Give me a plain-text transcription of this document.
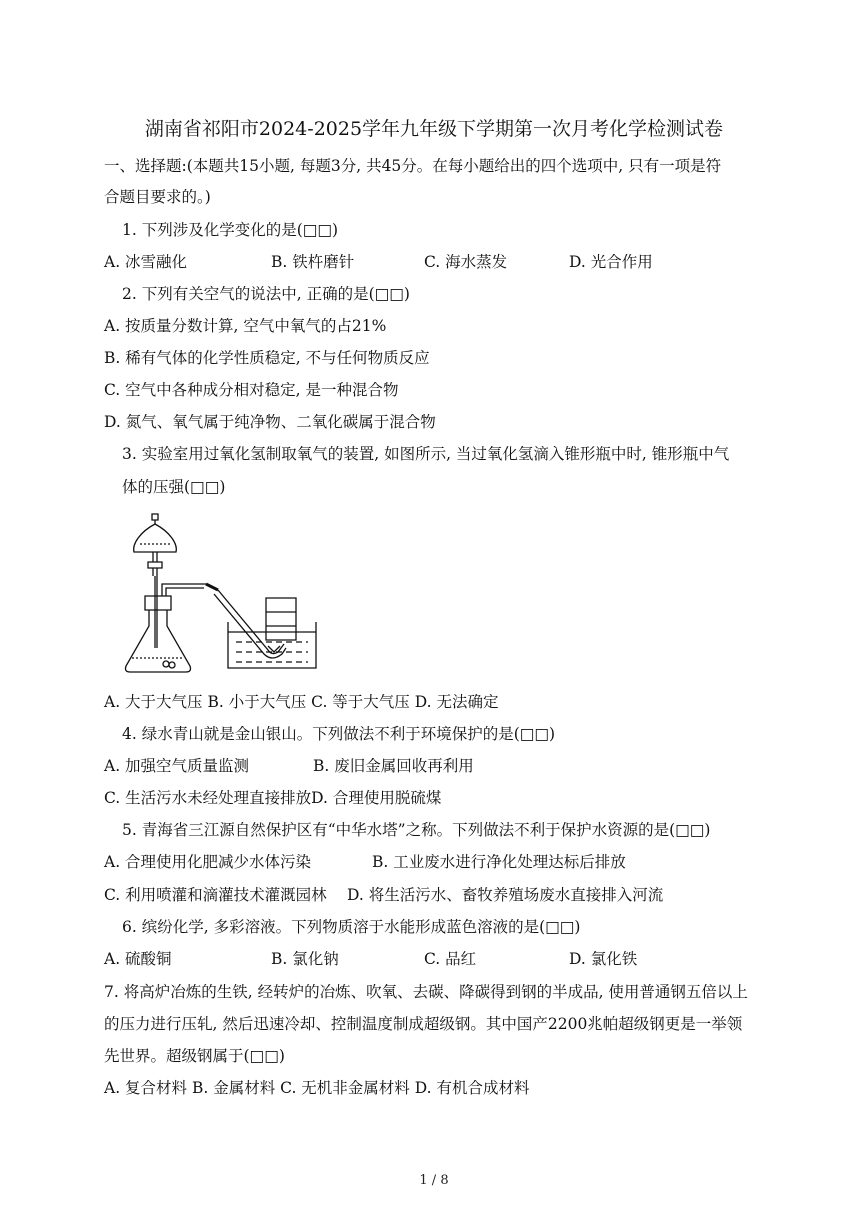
湖南省祁阳市2024-2025学年九年级下学期第一次月考化学检测试卷
一、选择题:(本题共15小题, 每题3分, 共45分。在每小题给出的四个选项中, 只有一项是符
合题目要求的。)
1. 下列涉及化学变化的是(□□)
A. 冰雪融化	B. 铁杵磨针	C. 海水蒸发	D. 光合作用
2. 下列有关空气的说法中, 正确的是(□□)
A. 按质量分数计算, 空气中氧气的占21%
B. 稀有气体的化学性质稳定, 不与任何物质反应
C. 空气中各种成分相对稳定, 是一种混合物
D. 氮气、氧气属于纯净物、二氧化碳属于混合物
3. 实验室用过氧化氢制取氧气的装置, 如图所示, 当过氧化氢滴入锥形瓶中时, 锥形瓶中气
体的压强(□□)
A. 大于大气压 B. 小于大气压 C. 等于大气压 D. 无法确定
4. 绿水青山就是金山银山。下列做法不利于环境保护的是(□□)
A. 加强空气质量监测	B. 废旧金属回收再利用
C. 生活污水未经处理直接排放D. 合理使用脱硫煤
5. 青海省三江源自然保护区有“中华水塔”之称。下列做法不利于保护水资源的是(□□)
A. 合理使用化肥减少水体污染	B. 工业废水进行净化处理达标后排放
C. 利用喷灌和滴灌技术灌溉园林 D. 将生活污水、畜牧养殖场废水直接排入河流
6. 缤纷化学, 多彩溶液。下列物质溶于水能形成蓝色溶液的是(□□)
A. 硫酸铜	B. 氯化钠	C. 品红	D. 氯化铁
7. 将高炉冶炼的生铁, 经转炉的冶炼、吹氧、去碳、降碳得到钢的半成品, 使用普通钢五倍以上
的压力进行压轧, 然后迅速冷却、控制温度制成超级钢。其中国产2200兆帕超级钢更是一举领
先世界。超级钢属于(□□)
A. 复合材料 B. 金属材料 C. 无机非金属材料 D. 有机合成材料
1 / 8
